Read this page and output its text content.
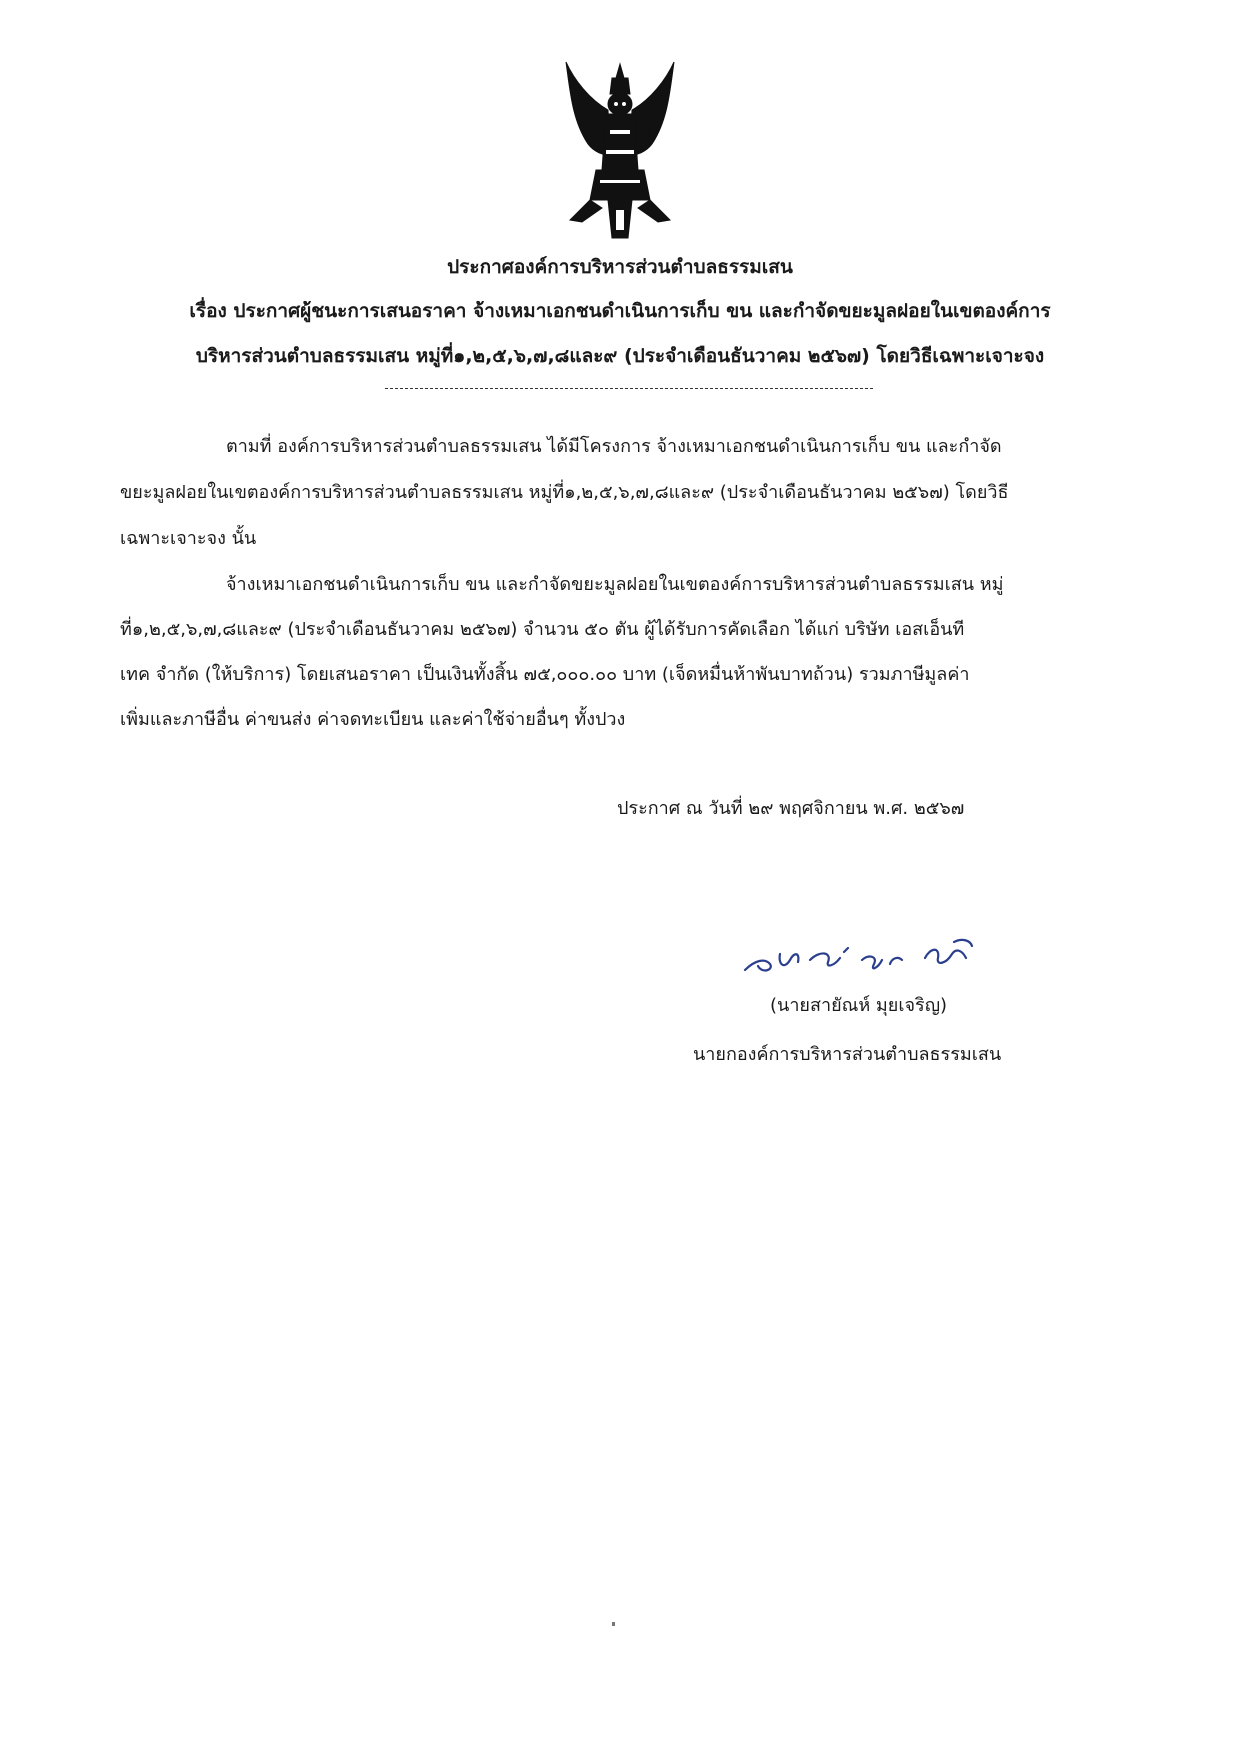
ประกาศองค์การบริหารส่วนตำบลธรรมเสน
เรื่อง ประกาศผู้ชนะการเสนอราคา จ้างเหมาเอกชนดำเนินการเก็บ ขน และกำจัดขยะมูลฝอยในเขตองค์การ
บริหารส่วนตำบลธรรมเสน หมู่ที่๑,๒,๕,๖,๗,๘และ๙ (ประจำเดือนธันวาคม ๒๕๖๗) โดยวิธีเฉพาะเจาะจง
ตามที่ องค์การบริหารส่วนตำบลธรรมเสน ได้มีโครงการ จ้างเหมาเอกชนดำเนินการเก็บ ขน และกำจัด
ขยะมูลฝอยในเขตองค์การบริหารส่วนตำบลธรรมเสน หมู่ที่๑,๒,๕,๖,๗,๘และ๙ (ประจำเดือนธันวาคม ๒๕๖๗) โดยวิธี
เฉพาะเจาะจง นั้น
จ้างเหมาเอกชนดำเนินการเก็บ ขน และกำจัดขยะมูลฝอยในเขตองค์การบริหารส่วนตำบลธรรมเสน หมู่
ที่๑,๒,๕,๖,๗,๘และ๙ (ประจำเดือนธันวาคม ๒๕๖๗) จำนวน ๕๐ ตัน ผู้ได้รับการคัดเลือก ได้แก่ บริษัท เอสเอ็นที
เทค จำกัด (ให้บริการ) โดยเสนอราคา เป็นเงินทั้งสิ้น ๗๕,๐๐๐.๐๐ บาท (เจ็ดหมื่นห้าพันบาทถ้วน) รวมภาษีมูลค่า
เพิ่มและภาษีอื่น ค่าขนส่ง ค่าจดทะเบียน และค่าใช้จ่ายอื่นๆ ทั้งปวง
ประกาศ ณ วันที่ ๒๙ พฤศจิกายน พ.ศ. ๒๕๖๗
(นายสายัณห์ มุยเจริญ)
นายกองค์การบริหารส่วนตำบลธรรมเสน
